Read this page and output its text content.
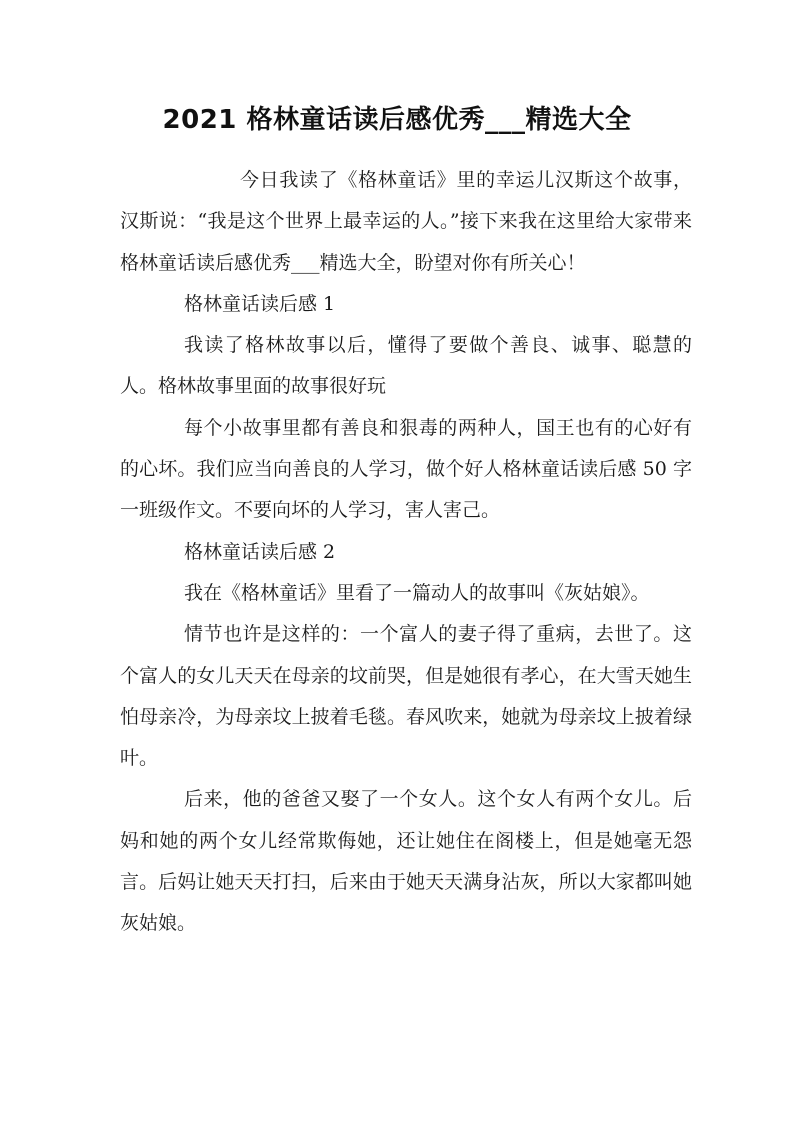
2021 格林童话读后感优秀___精选大全

今日我读了《格林童话》里的幸运儿汉斯这个故事，汉斯说：“我是这个世界上最幸运的人。”接下来我在这里给大家带来格林童话读后感优秀___精选大全，盼望对你有所关心！

格林童话读后感 1

我读了格林故事以后，懂得了要做个善良、诚事、聪慧的人。格林故事里面的故事很好玩

每个小故事里都有善良和狠毒的两种人，国王也有的心好有的心坏。我们应当向善良的人学习，做个好人格林童话读后感 50 字一班级作文。不要向坏的人学习，害人害己。

格林童话读后感 2

我在《格林童话》里看了一篇动人的故事叫《灰姑娘》。

情节也许是这样的：一个富人的妻子得了重病，去世了。这个富人的女儿天天在母亲的坟前哭，但是她很有孝心，在大雪天她生怕母亲冷，为母亲坟上披着毛毯。春风吹来，她就为母亲坟上披着绿叶。

后来，他的爸爸又娶了一个女人。这个女人有两个女儿。后妈和她的两个女儿经常欺侮她，还让她住在阁楼上，但是她毫无怨言。后妈让她天天打扫，后来由于她天天满身沾灰，所以大家都叫她灰姑娘。
